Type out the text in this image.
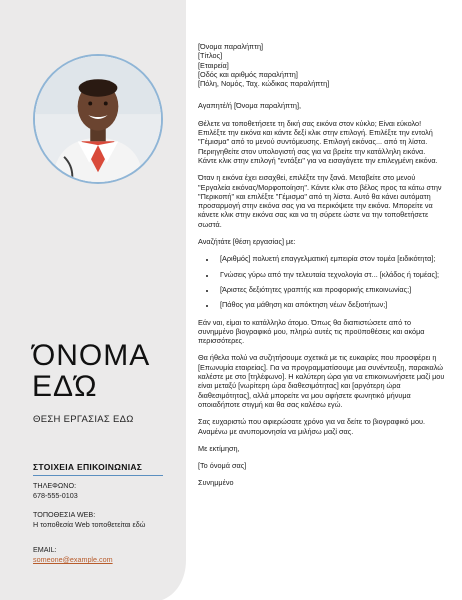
ΌΝΟΜΑ
ΕΔΏ
ΘΕΣΗ ΕΡΓΑΣΙΑΣ ΕΔΩ
ΣΤΟΙΧΕΙΑ ΕΠΙΚΟΙΝΩΝΙΑΣ
ΤΗΛΕΦΩΝΟ:
678-555-0103
ΤΟΠΟΘΕΣΙΑ WEB:
Η τοποθεσία Web τοποθετείται εδώ
EMAIL:
someone@example.com

[Όνομα παραλήπτη]

[Τίτλος]

[Εταιρεία]

[Οδός και αριθμός παραλήπτη]

[Πόλη, Νομός, Ταχ. κώδικας παραλήπτη]

Αγαπητέ/ή [Όνομα παραλήπτη],

Θέλετε να τοποθετήσετε τη δική σας εικόνα στον κύκλο; Είναι εύκολο! Επιλέξτε την εικόνα και κάντε δεξί κλικ στην επιλογή. Επιλέξτε την εντολή "Γέμισμα" από το μενού συντόμευσης. Επιλογή εικόνας... από τη λίστα. Περιηγηθείτε στον υπολογιστή σας για να βρείτε την κατάλληλη εικόνα. Κάντε κλικ στην επιλογή "εντάξει" για να εισαγάγετε την επιλεγμένη εικόνα.

Όταν η εικόνα έχει εισαχθεί, επιλέξτε την ξανά. Μεταβείτε στο μενού "Εργαλεία εικόνας/Μορφοποίηση". Κάντε κλικ στο βέλος προς τα κάτω στην "Περικοπή" και επιλέξτε "Γέμισμα" από τη λίστα. Αυτό θα κάνει αυτόματη προσαρμογή στην εικόνα σας για να περικόψετε την εικόνα. Μπορείτε να κάνετε κλικ στην εικόνα σας και να τη σύρετε ώστε να την τοποθετήσετε σωστά.

Αναζήτάτε [θέση εργασίας] με:

• [Αριθμός] πολυετή επαγγελματική εμπειρία στον τομέα [ειδικότητα];
• Γνώσεις γύρω από την τελευταία τεχνολογία στ... [κλάδος ή τομέας];
• [Άριστες δεξιότητες γραπτής και προφορικής επικοινωνίας;]
• [Πάθος για μάθηση και απόκτηση νέων δεξιοτήτων;]

Εάν ναι, είμαι το κατάλληλο άτομο. Όπως θα διαπιστώσετε από το συνημμένο βιογραφικό μου, πληρώ αυτές τις προϋποθέσεις και ακόμα περισσότερες.

Θα ήθελα πολύ να συζητήσουμε σχετικά με τις ευκαιρίες που προσφέρει η [Επωνυμία εταιρείας]. Για να προγραμματίσουμε μια συνέντευξη, παρακαλώ καλέστε με στο [τηλέφωνο]. Η καλύτερη ώρα για να επικοινωνήσετε μαζί μου είναι μεταξύ [νωρίτερη ώρα διαθεσιμότητας] και [αργότερη ώρα διαθεσιμότητας], αλλά μπορείτε να μου αφήσετε φωνητικό μήνυμα οποιαδήποτε στιγμή και θα σας καλέσω εγώ.

Σας ευχαριστώ που αφιερώσατε χρόνο για να δείτε το βιογραφικό μου. Αναμένω με ανυπομονησία να μιλήσω μαζί σας.

Με εκτίμηση,

[Το όνομά σας]

Συνημμένο
